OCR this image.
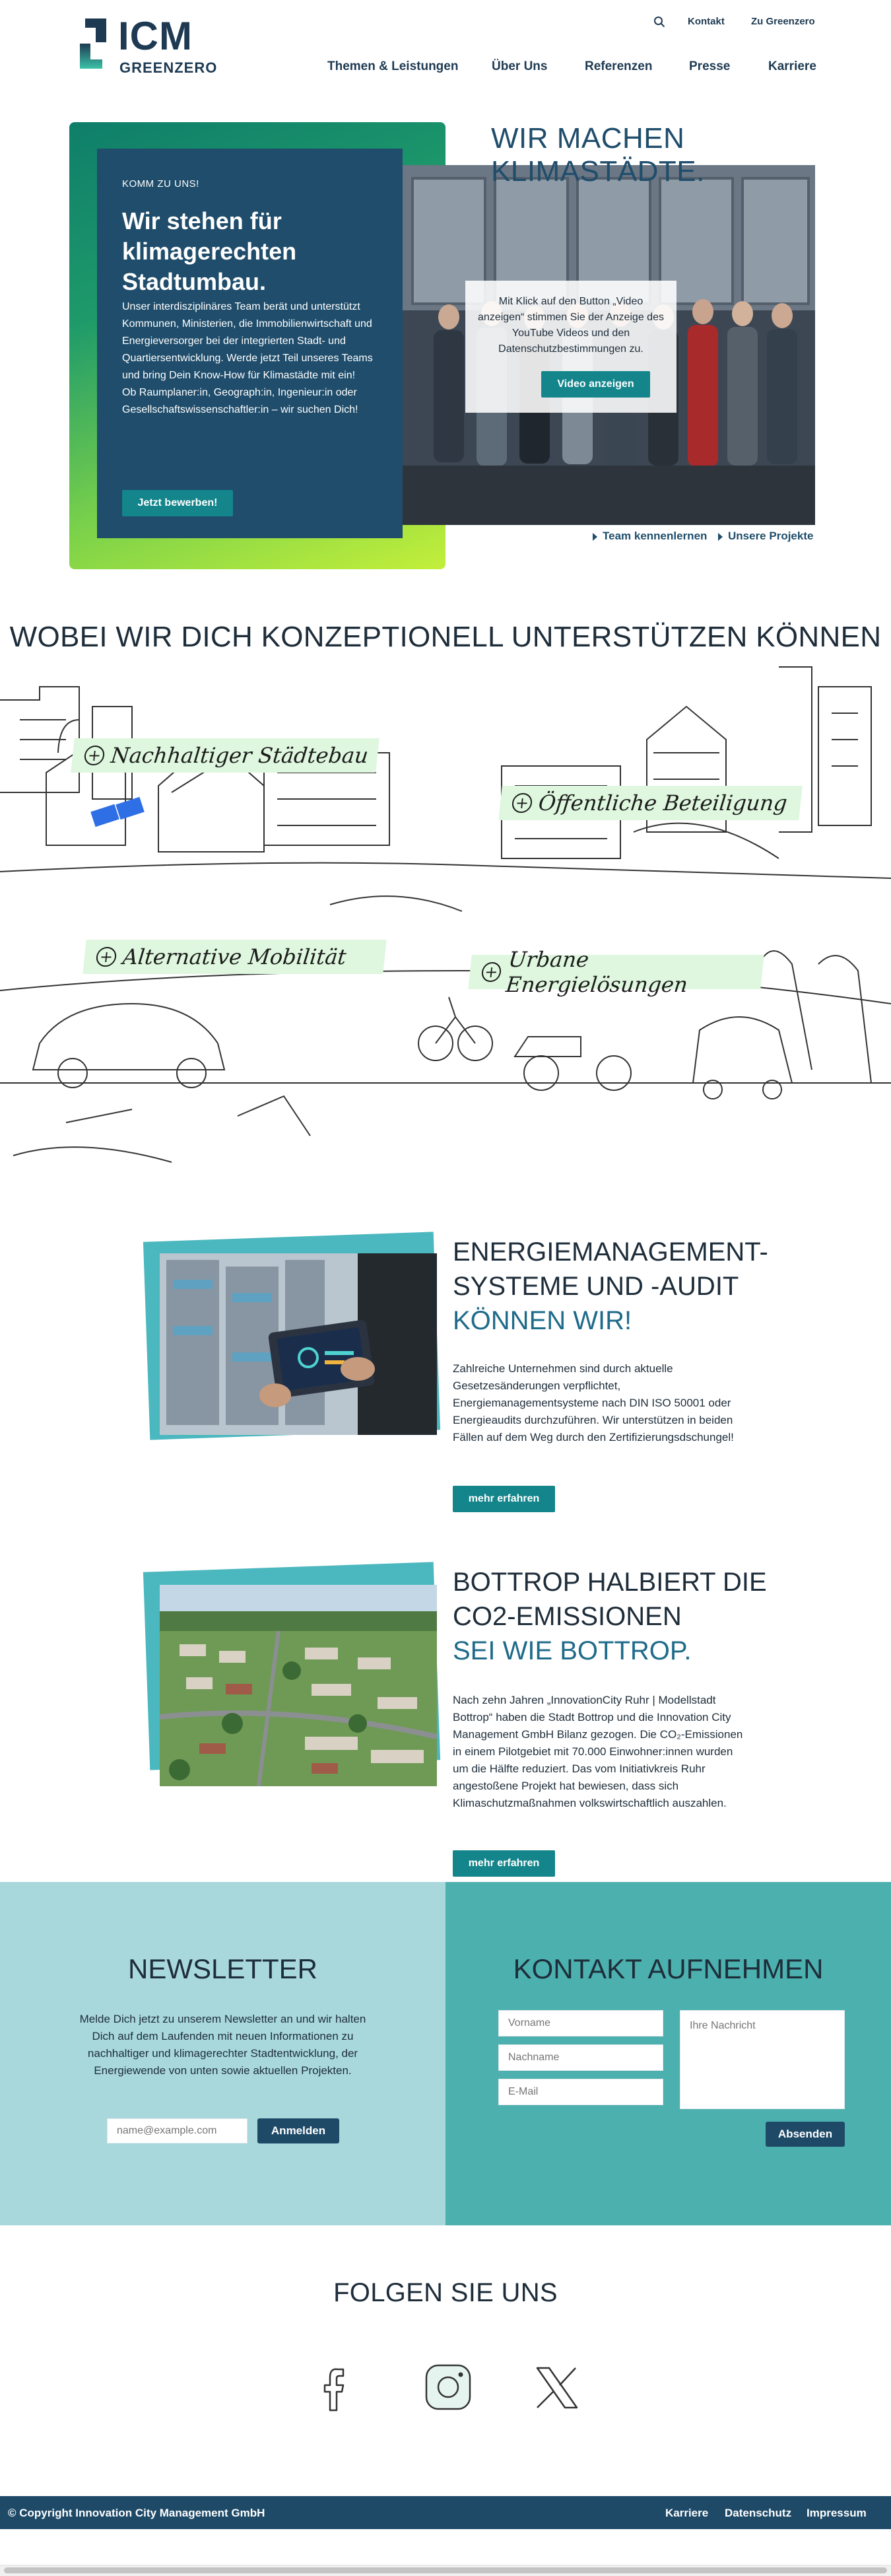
ICM
GREENZERO
Kontakt	Zu Greenzero
Themen & Leistungen	Über Uns	Referenzen	Presse	Karriere
KOMM ZU UNS!
Wir stehen für klimagerechten Stadtumbau.
Unser interdisziplinäres Team berät und unterstützt Kommunen, Ministerien, die Immobilienwirtschaft und Energieversorger bei der integrierten Stadt- und Quartiersentwicklung. Werde jetzt Teil unseres Teams und bring Dein Know-How für Klimastädte mit ein!
Ob Raumplaner:in, Geograph:in, Ingenieur:in oder Gesellschaftswissenschaftler:in – wir suchen Dich!
Jetzt bewerben!
WIR MACHEN KLIMASTÄDTE.
Mit Klick auf den Button „Video anzeigen“ stimmen Sie der Anzeige des YouTube Videos und den Datenschutzbestimmungen zu.
Video anzeigen
Team kennenlernen	Unsere Projekte
WOBEI WIR DICH KONZEPTIONELL UNTERSTÜTZEN KÖNNEN
+ Nachhaltiger Städtebau
+ Öffentliche Beteiligung
+ Alternative Mobilität
+ Urbane Energielösungen
ENERGIEMANAGEMENT-
SYSTEME UND -AUDIT
KÖNNEN WIR!
Zahlreiche Unternehmen sind durch aktuelle Gesetzesänderungen verpflichtet, Energiemanagementsysteme nach DIN ISO 50001 oder Energieaudits durchzuführen. Wir unterstützen in beiden Fällen auf dem Weg durch den Zertifizierungsdschungel!
mehr erfahren
BOTTROP HALBIERT DIE
CO2-EMISSIONEN
SEI WIE BOTTROP.
Nach zehn Jahren „InnovationCity Ruhr | Modellstadt Bottrop“ haben die Stadt Bottrop und die Innovation City Management GmbH Bilanz gezogen. Die CO₂-Emissionen in einem Pilotgebiet mit 70.000 Einwohner:innen wurden um die Hälfte reduziert. Das vom Initiativkreis Ruhr angestoßene Projekt hat bewiesen, dass sich Klimaschutzmaßnahmen volkswirtschaftlich auszahlen.
mehr erfahren
NEWSLETTER
Melde Dich jetzt zu unserem Newsletter an und wir halten Dich auf dem Laufenden mit neuen Informationen zu nachhaltiger und klimagerechter Stadtentwicklung, der Energiewende von unten sowie aktuellen Projekten.
name@example.com
Anmelden
KONTAKT AUFNEHMEN
Vorname
Nachname
E-Mail
Ihre Nachricht
Absenden
FOLGEN SIE UNS
© Copyright Innovation City Management GmbH	Karriere Datenschutz Impressum
